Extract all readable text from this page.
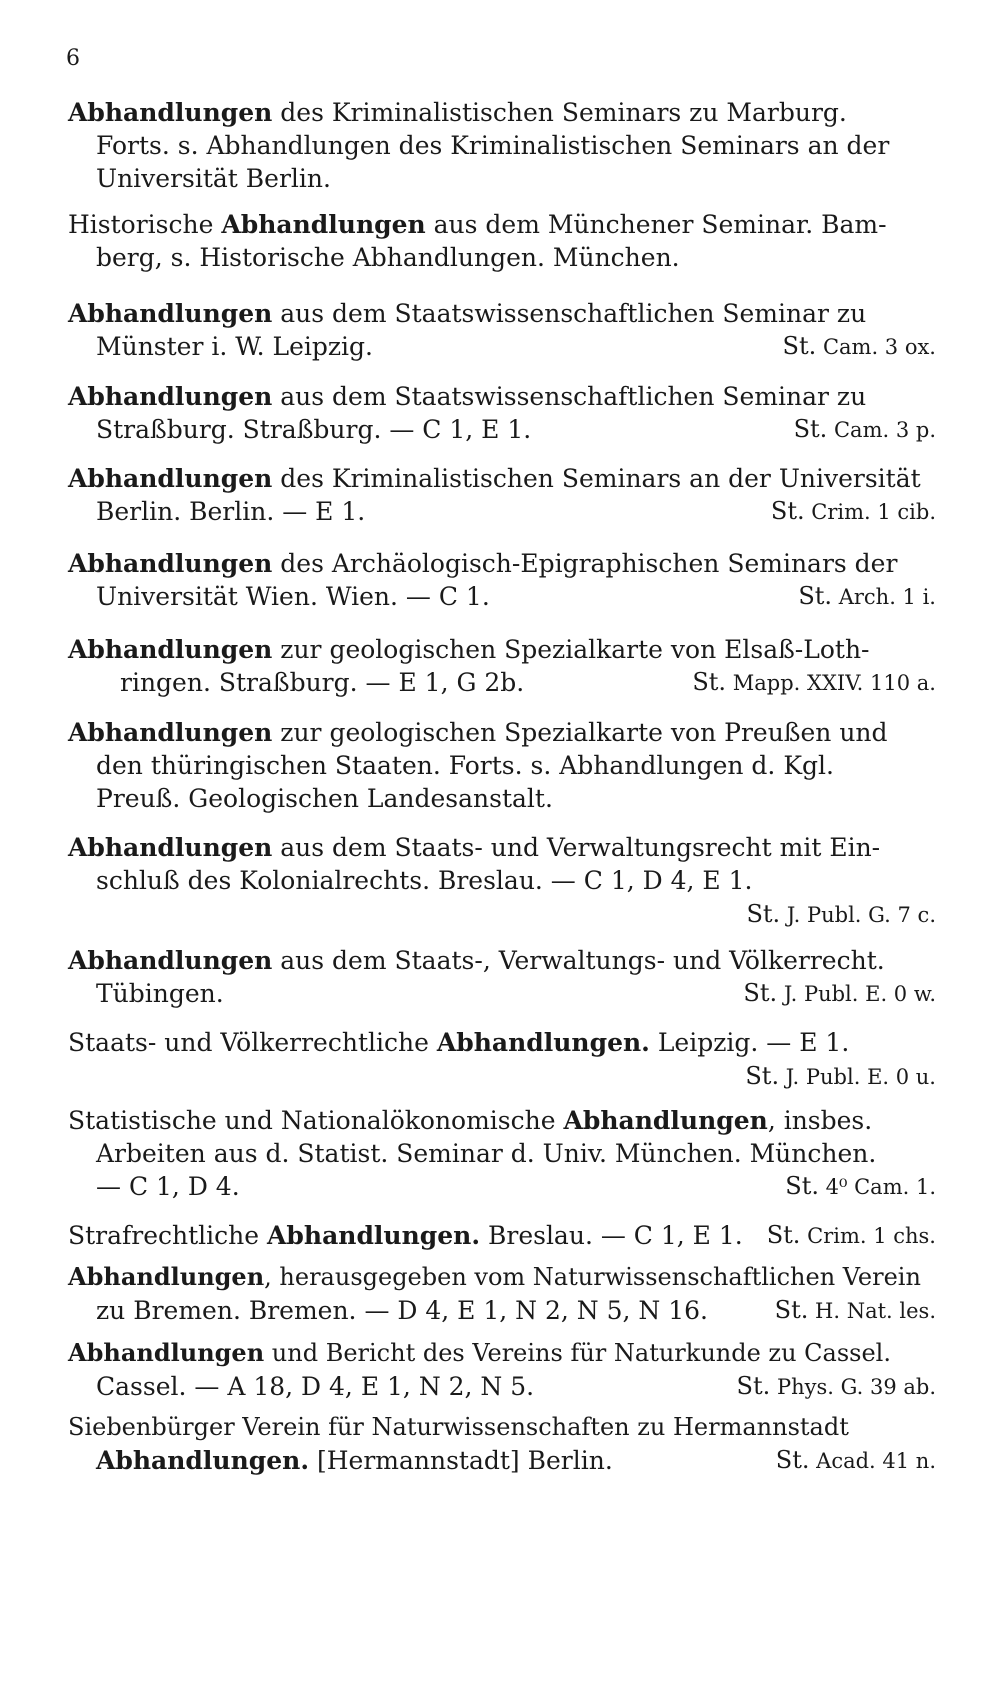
6
Abhandlungen des Kriminalistischen Seminars zu Marburg.
Forts. s. Abhandlungen des Kriminalistischen Seminars an der
Universität Berlin.
Historische Abhandlungen aus dem Münchener Seminar. Bam-
berg, s. Historische Abhandlungen. München.
Abhandlungen aus dem Staatswissenschaftlichen Seminar zu
Münster i. W. Leipzig.	St. Cam. 3 ox.
Abhandlungen aus dem Staatswissenschaftlichen Seminar zu
Straßburg. Straßburg. — C 1, E 1.	St. Cam. 3 p.
Abhandlungen des Kriminalistischen Seminars an der Universität
Berlin. Berlin. — E 1.	St. Crim. 1 cib.
Abhandlungen des Archäologisch-Epigraphischen Seminars der
Universität Wien. Wien. — C 1.	St. Arch. 1 i.
Abhandlungen zur geologischen Spezialkarte von Elsaß-Loth-
ringen. Straßburg. — E 1, G 2b.	St. Mapp. XXIV. 110 a.
Abhandlungen zur geologischen Spezialkarte von Preußen und
den thüringischen Staaten. Forts. s. Abhandlungen d. Kgl.
Preuß. Geologischen Landesanstalt.
Abhandlungen aus dem Staats- und Verwaltungsrecht mit Ein-
schluß des Kolonialrechts. Breslau. — C 1, D 4, E 1.
St. J. Publ. G. 7 c.
Abhandlungen aus dem Staats-, Verwaltungs- und Völkerrecht.
Tübingen.	St. J. Publ. E. 0 w.
Staats- und Völkerrechtliche Abhandlungen. Leipzig. — E 1.
St. J. Publ. E. 0 u.
Statistische und Nationalökonomische Abhandlungen, insbes.
Arbeiten aus d. Statist. Seminar d. Univ. München. München.
— C 1, D 4.	St. 4⁰ Cam. 1.
Strafrechtliche Abhandlungen. Breslau. — C 1, E 1. St. Crim. 1 chs.
Abhandlungen, herausgegeben vom Naturwissenschaftlichen Verein
zu Bremen. Bremen. — D 4, E 1, N 2, N 5, N 16.	St. H. Nat. les.
Abhandlungen und Bericht des Vereins für Naturkunde zu Cassel.
Cassel. — A 18, D 4, E 1, N 2, N 5.	St. Phys. G. 39 ab.
Siebenbürger Verein für Naturwissenschaften zu Hermannstadt
Abhandlungen. [Hermannstadt] Berlin.	St. Acad. 41 n.
